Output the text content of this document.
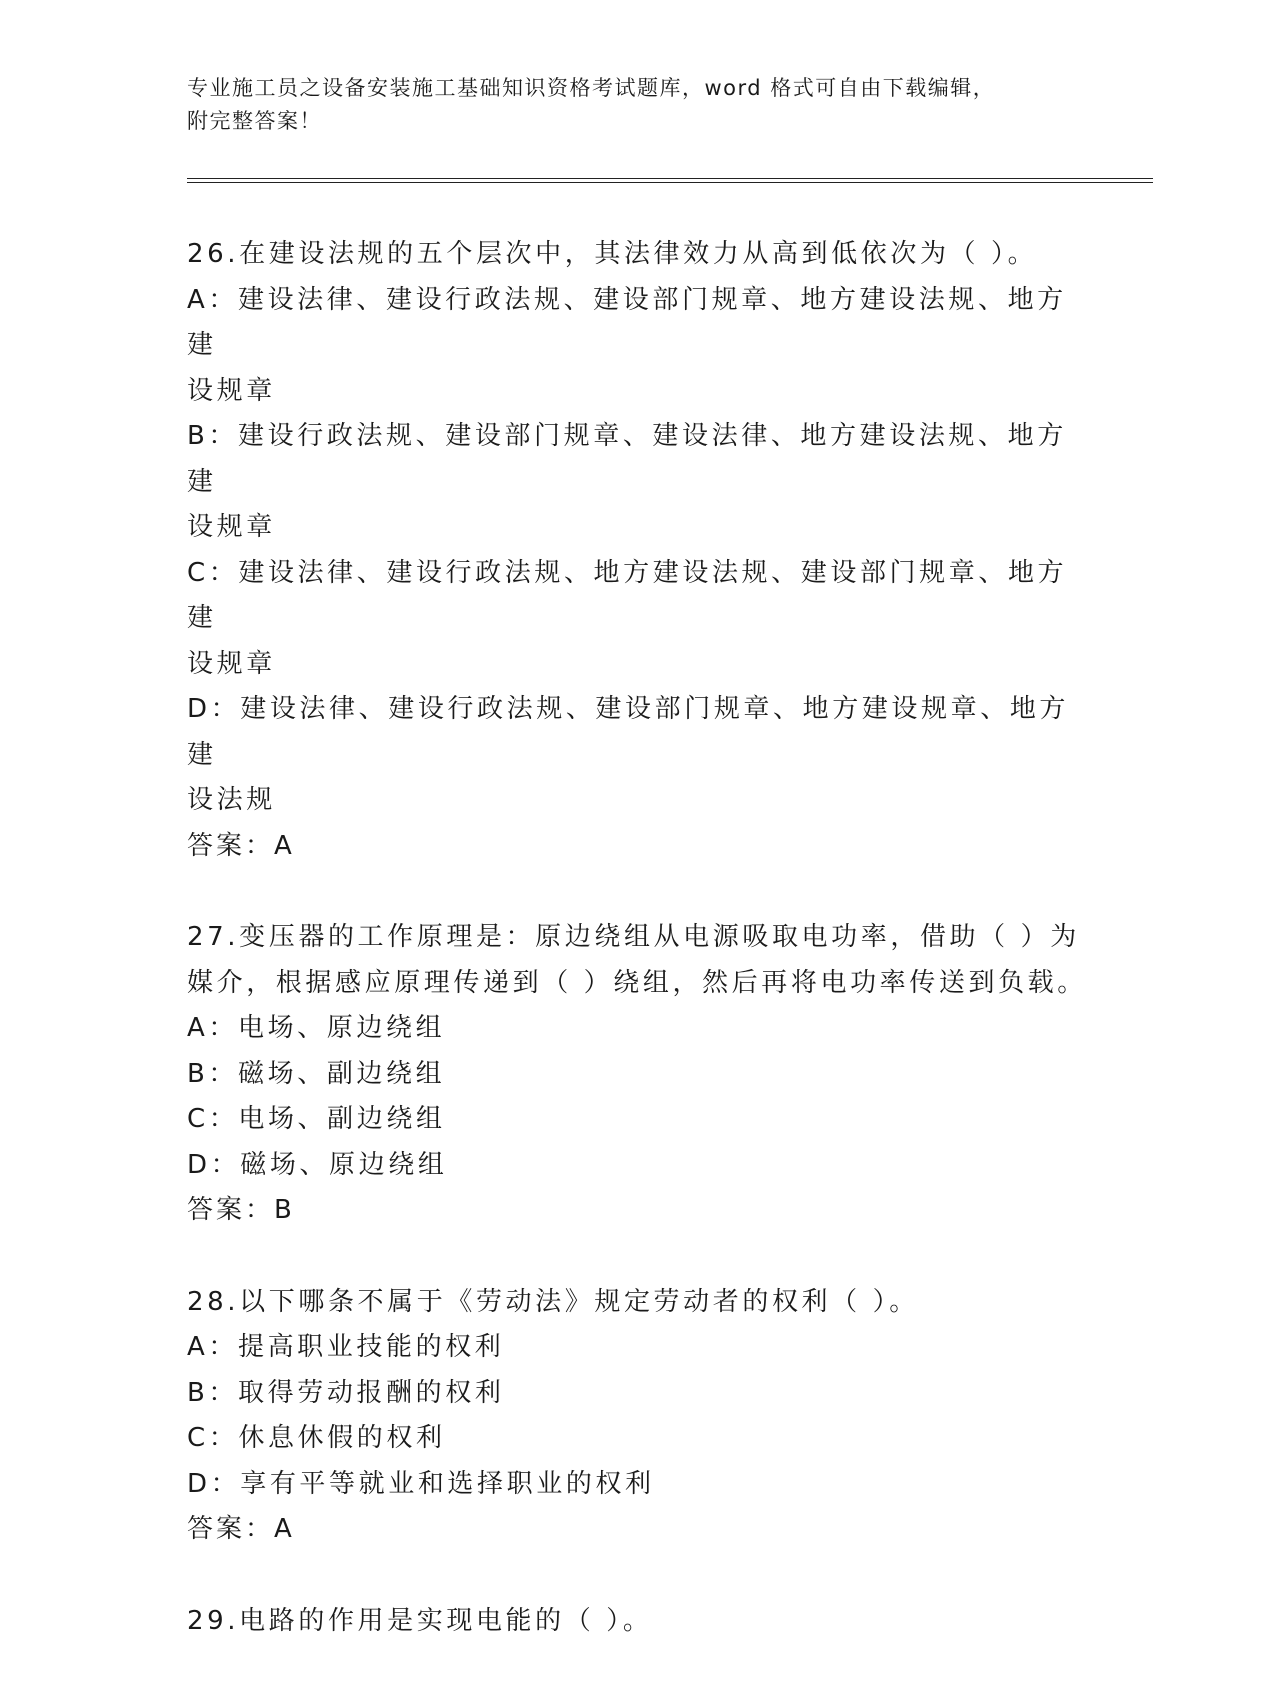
专业施工员之设备安装施工基础知识资格考试题库，word 格式可自由下载编辑，
附完整答案！

26.在建设法规的五个层次中，其法律效力从高到低依次为（ ）。

A：建设法律、建设行政法规、建设部门规章、地方建设法规、地方建

设规章

B：建设行政法规、建设部门规章、建设法律、地方建设法规、地方建

设规章

C：建设法律、建设行政法规、地方建设法规、建设部门规章、地方建

设规章

D：建设法律、建设行政法规、建设部门规章、地方建设规章、地方建

设法规

答案：A

27.变压器的工作原理是：原边绕组从电源吸取电功率，借助（ ）为

媒介，根据感应原理传递到（ ）绕组，然后再将电功率传送到负载。

A：电场、原边绕组

B：磁场、副边绕组

C：电场、副边绕组

D：磁场、原边绕组

答案：B

28.以下哪条不属于《劳动法》规定劳动者的权利（ ）。

A：提高职业技能的权利

B：取得劳动报酬的权利

C：休息休假的权利

D：享有平等就业和选择职业的权利

答案：A

29.电路的作用是实现电能的（ ）。
